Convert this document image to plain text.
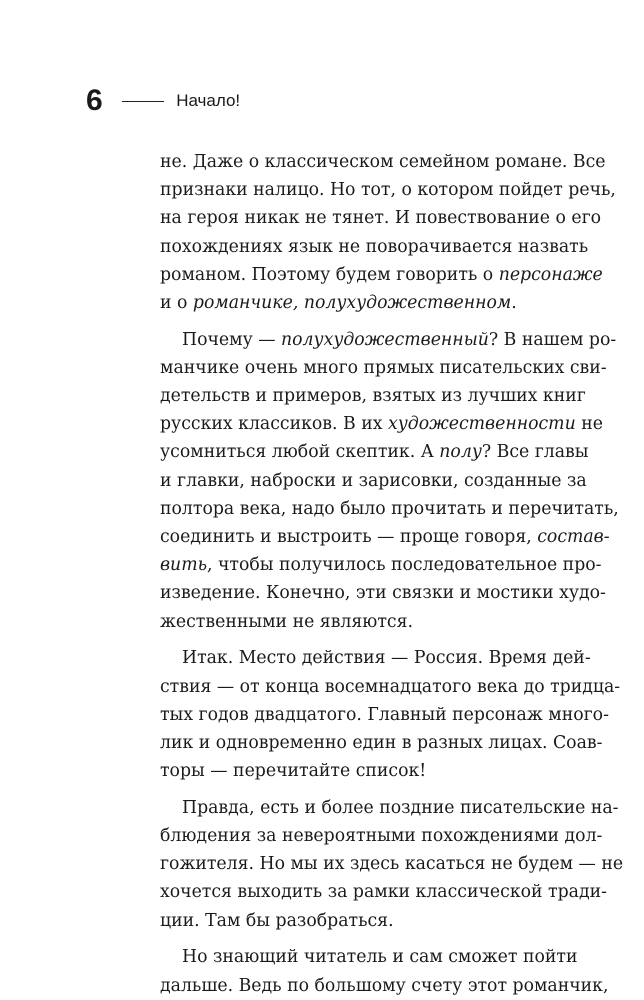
6	Начало!
не. Даже о классическом семейном романе. Все
признаки налицо. Но тот, о котором пойдет речь,
на героя никак не тянет. И повествование о его
похождениях язык не поворачивается назвать
романом. Поэтому будем говорить о персонаже
и о романчике, полухудожественном.
Почему — полухудожественный? В нашем ро-
манчике очень много прямых писательских сви-
детельств и примеров, взятых из лучших книг
русских классиков. В их художественности не
усомниться любой скептик. А полу? Все главы
и главки, наброски и зарисовки, созданные за
полтора века, надо было прочитать и перечитать,
соединить и выстроить — проще говоря, состав-
вить, чтобы получилось последовательное про-
изведение. Конечно, эти связки и мостики худо-
жественными не являются.
Итак. Место действия — Россия. Время дей-
ствия — от конца восемнадцатого века до тридца-
тых годов двадцатого. Главный персонаж много-
лик и одновременно един в разных лицах. Соав-
торы — перечитайте список!
Правда, есть и более поздние писательские на-
блюдения за невероятными похождениями дол-
гожителя. Но мы их здесь касаться не будем — не
хочется выходить за рамки классической тради-
ции. Там бы разобраться.
Но знающий читатель и сам сможет пойти
дальше. Ведь по большому счету этот романчик,
